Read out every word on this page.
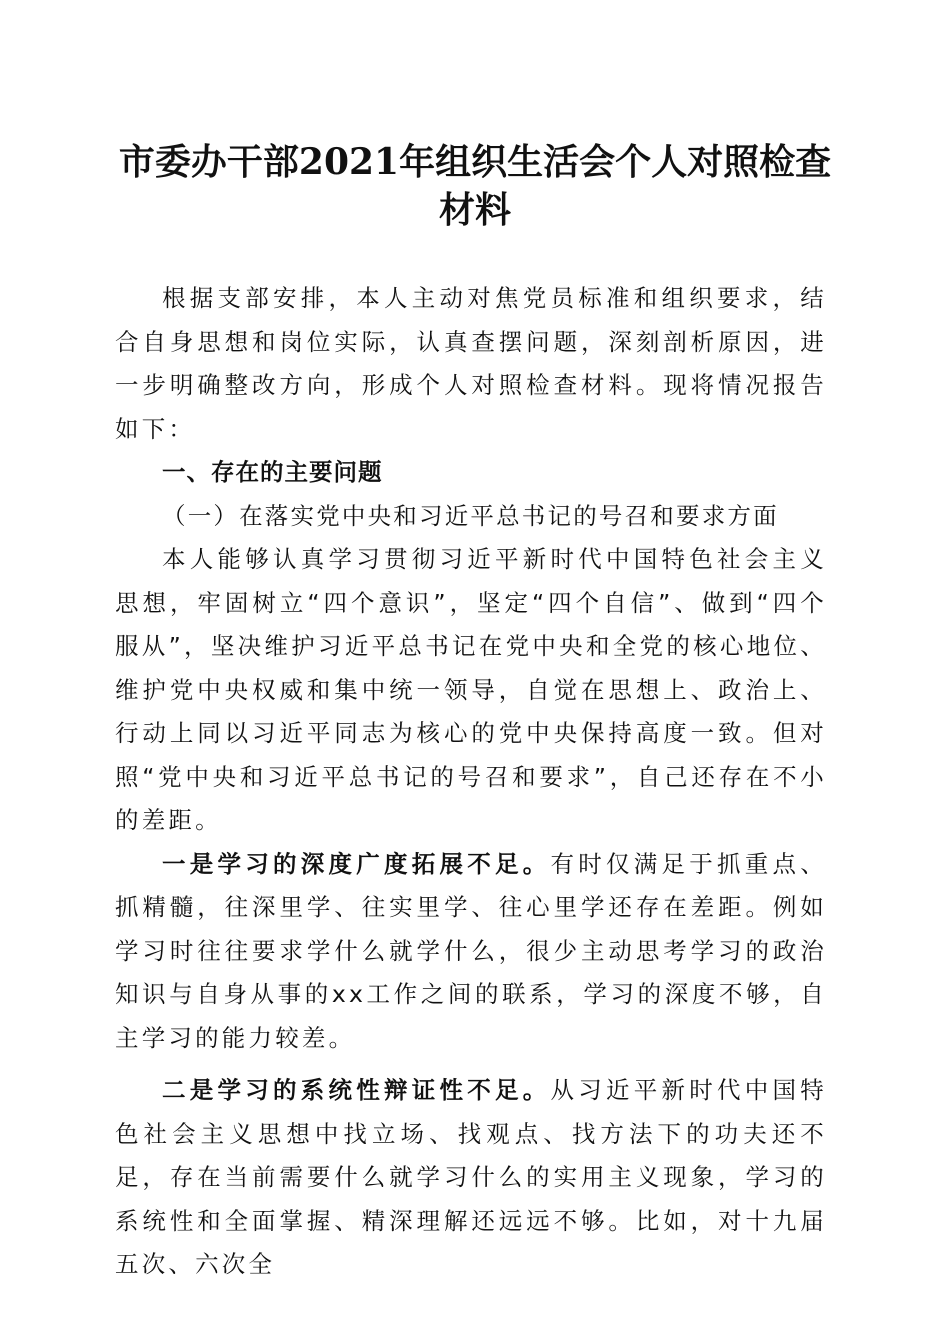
市委办干部2021年组织生活会个人对照检查材料

根据支部安排，本人主动对焦党员标准和组织要求，结合自身思想和岗位实际，认真查摆问题，深刻剖析原因，进一步明确整改方向，形成个人对照检查材料。现将情况报告如下：

一、存在的主要问题

（一）在落实党中央和习近平总书记的号召和要求方面

本人能够认真学习贯彻习近平新时代中国特色社会主义思想，牢固树立“四个意识”，坚定“四个自信”、做到“四个服从”，坚决维护习近平总书记在党中央和全党的核心地位、维护党中央权威和集中统一领导，自觉在思想上、政治上、行动上同以习近平同志为核心的党中央保持高度一致。但对照“党中央和习近平总书记的号召和要求”，自己还存在不小的差距。

一是学习的深度广度拓展不足。有时仅满足于抓重点、抓精髓，往深里学、往实里学、往心里学还存在差距。例如学习时往往要求学什么就学什么，很少主动思考学习的政治知识与自身从事的xx工作之间的联系，学习的深度不够，自主学习的能力较差。

二是学习的系统性辩证性不足。从习近平新时代中国特色社会主义思想中找立场、找观点、找方法下的功夫还不足，存在当前需要什么就学习什么的实用主义现象，学习的系统性和全面掌握、精深理解还远远不够。比如，对十九届五次、六次全
